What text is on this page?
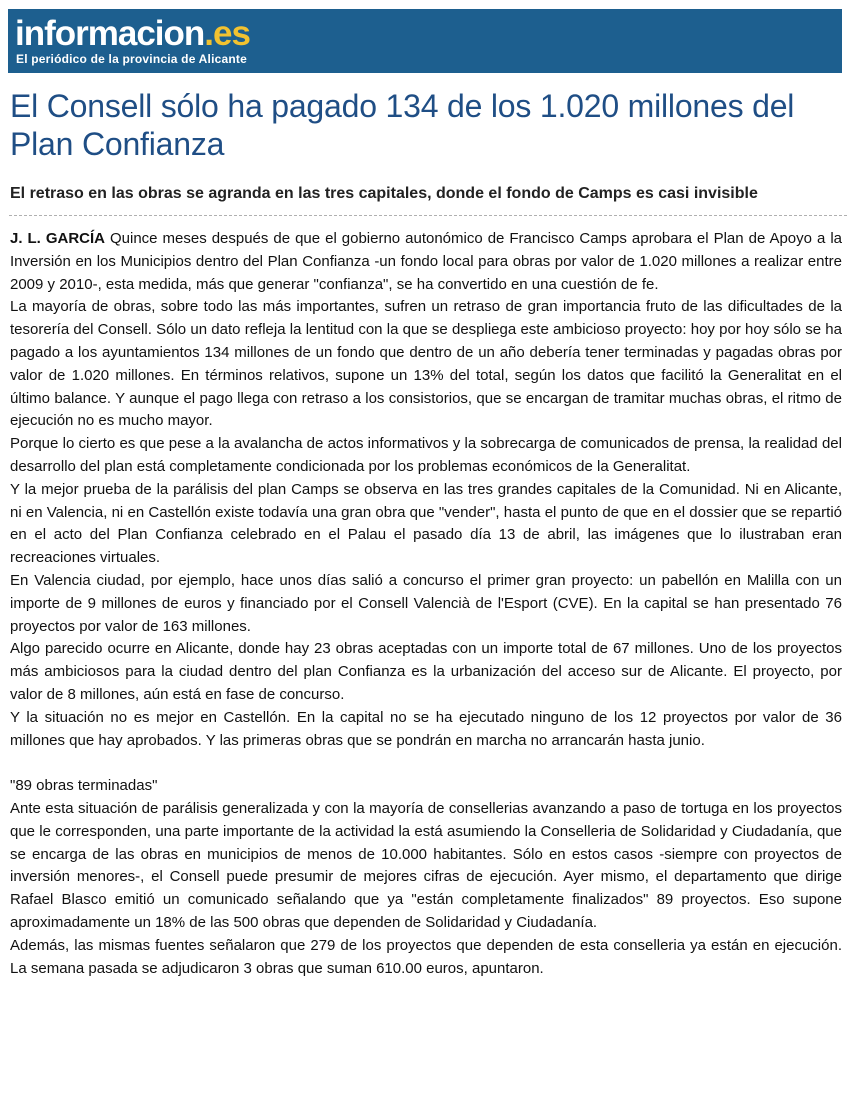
informacion.es
El periódico de la provincia de Alicante
El Consell sólo ha pagado 134 de los 1.020 millones del Plan Confianza
El retraso en las obras se agranda en las tres capitales, donde el fondo de Camps es casi invisible

J. L. GARCÍA Quince meses después de que el gobierno autonómico de Francisco Camps aprobara el Plan de Apoyo a la Inversión en los Municipios dentro del Plan Confianza -un fondo local para obras por valor de 1.020 millones a realizar entre 2009 y 2010-, esta medida, más que generar "confianza", se ha convertido en una cuestión de fe.

La mayoría de obras, sobre todo las más importantes, sufren un retraso de gran importancia fruto de las dificultades de la tesorería del Consell. Sólo un dato refleja la lentitud con la que se despliega este ambicioso proyecto: hoy por hoy sólo se ha pagado a los ayuntamientos 134 millones de un fondo que dentro de un año debería tener terminadas y pagadas obras por valor de 1.020 millones. En términos relativos, supone un 13% del total, según los datos que facilitó la Generalitat en el último balance. Y aunque el pago llega con retraso a los consistorios, que se encargan de tramitar muchas obras, el ritmo de ejecución no es mucho mayor.

Porque lo cierto es que pese a la avalancha de actos informativos y la sobrecarga de comunicados de prensa, la realidad del desarrollo del plan está completamente condicionada por los problemas económicos de la Generalitat.

Y la mejor prueba de la parálisis del plan Camps se observa en las tres grandes capitales de la Comunidad. Ni en Alicante, ni en Valencia, ni en Castellón existe todavía una gran obra que "vender", hasta el punto de que en el dossier que se repartió en el acto del Plan Confianza celebrado en el Palau el pasado día 13 de abril, las imágenes que lo ilustraban eran recreaciones virtuales.

En Valencia ciudad, por ejemplo, hace unos días salió a concurso el primer gran proyecto: un pabellón en Malilla con un importe de 9 millones de euros y financiado por el Consell Valencià de l'Esport (CVE). En la capital se han presentado 76 proyectos por valor de 163 millones.

Algo parecido ocurre en Alicante, donde hay 23 obras aceptadas con un importe total de 67 millones. Uno de los proyectos más ambiciosos para la ciudad dentro del plan Confianza es la urbanización del acceso sur de Alicante. El proyecto, por valor de 8 millones, aún está en fase de concurso.

Y la situación no es mejor en Castellón. En la capital no se ha ejecutado ninguno de los 12 proyectos por valor de 36 millones que hay aprobados. Y las primeras obras que se pondrán en marcha no arrancarán hasta junio.

"89 obras terminadas"

Ante esta situación de parálisis generalizada y con la mayoría de consellerias avanzando a paso de tortuga en los proyectos que le corresponden, una parte importante de la actividad la está asumiendo la Conselleria de Solidaridad y Ciudadanía, que se encarga de las obras en municipios de menos de 10.000 habitantes. Sólo en estos casos -siempre con proyectos de inversión menores-, el Consell puede presumir de mejores cifras de ejecución. Ayer mismo, el departamento que dirige Rafael Blasco emitió un comunicado señalando que ya "están completamente finalizados" 89 proyectos. Eso supone aproximadamente un 18% de las 500 obras que dependen de Solidaridad y Ciudadanía.

Además, las mismas fuentes señalaron que 279 de los proyectos que dependen de esta conselleria ya están en ejecución. La semana pasada se adjudicaron 3 obras que suman 610.00 euros, apuntaron.
